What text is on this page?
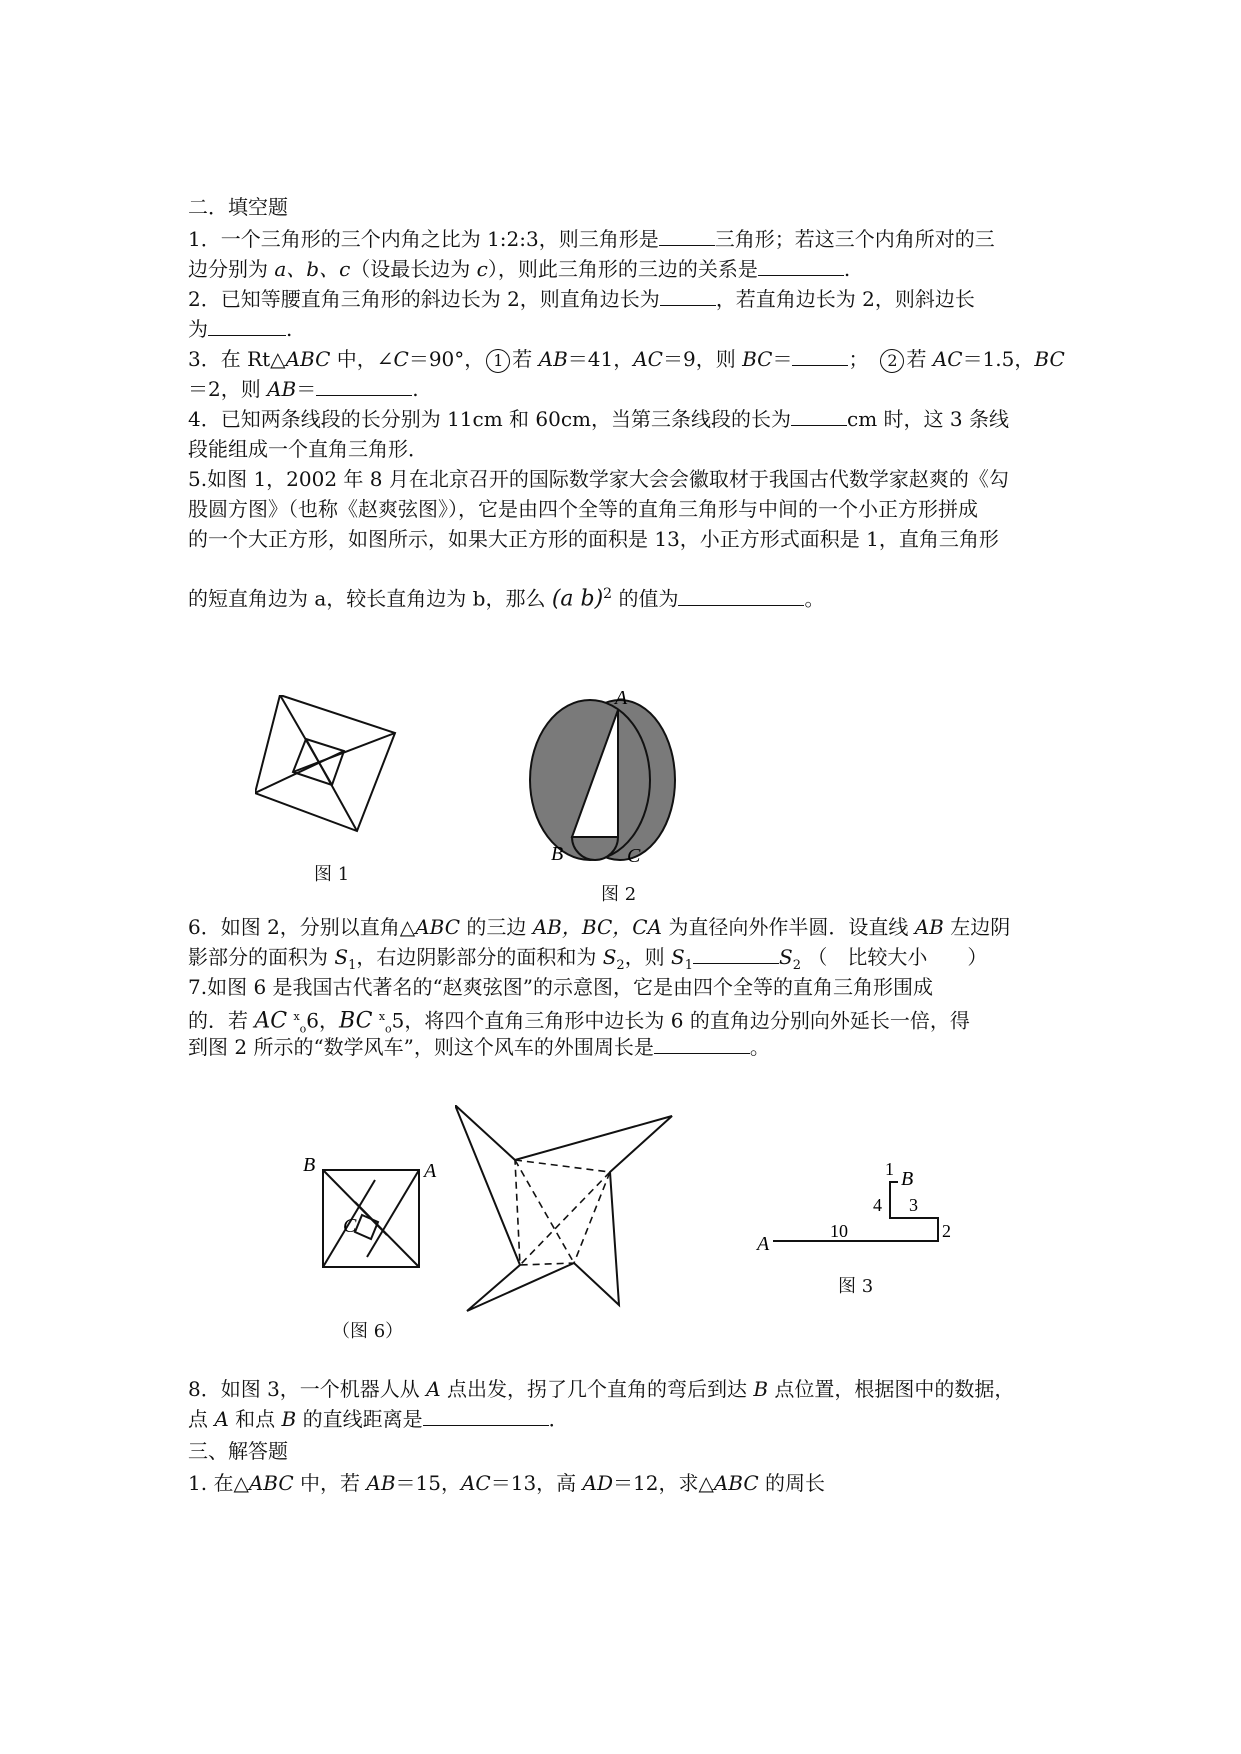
二．填空题
1．一个三角形的三个内角之比为 1:2:3，则三角形是	三角形；若这三个内角所对的三
边分别为 a、b、c（设最长边为 c），则此三角形的三边的关系是	.
2．已知等腰直角三角形的斜边长为 2，则直角边长为	，若直角边长为 2，则斜边长
为	.
3．在 Rt△ABC 中，∠C＝90°， 1 若 AB＝41，AC＝9，则 BC＝	；　 2 若 AC＝1.5，BC
＝2，则 AB＝	.
4．已知两条线段的长分别为 11cm 和 60cm，当第三条线段的长为	cm 时，这 3 条线
段能组成一个直角三角形．
5.如图 1，2002 年 8 月在北京召开的国际数学家大会会徽取材于我国古代数学家赵爽的《勾
股圆方图》（也称《赵爽弦图》），它是由四个全等的直角三角形与中间的一个小正方形拼成
的一个大正方形，如图所示，如果大正方形的面积是 13，小正方形式面积是 1，直角三角形
的短直角边为 a，较长直角边为 b，那么 (a b)$^2$ 的值为	。
图 1
A
B	C
图 2
6．如图 2，分别以直角△ABC 的三边 AB，BC，CA 为直径向外作半圆．设直线 AB 左边阴
影部分的面积为 $S_1$，右边阴影部分的面积和为 $S_2$，则 $S_1$	$S_2$ （　比较大小　　）
7.如图 6 是我国古代著名的“赵爽弦图”的示意图，它是由四个全等的直角三角形围成
的．若 AC $^x_o$6，BC $^x_o$5，将四个直角三角形中边长为 6 的直角边分别向外延长一倍，得
到图 2 所示的“数学风车”，则这个风车的外围周长是	。
B	A
C
（图 6）
A
10	2
3
4
1 B
图 3
8．如图 3，一个机器人从 A 点出发，拐了几个直角的弯后到达 B 点位置，根据图中的数据，
点 A 和点 B 的直线距离是	．
三、解答题
1. 在△ABC 中，若 AB＝15，AC＝13，高 AD＝12，求△ABC 的周长
